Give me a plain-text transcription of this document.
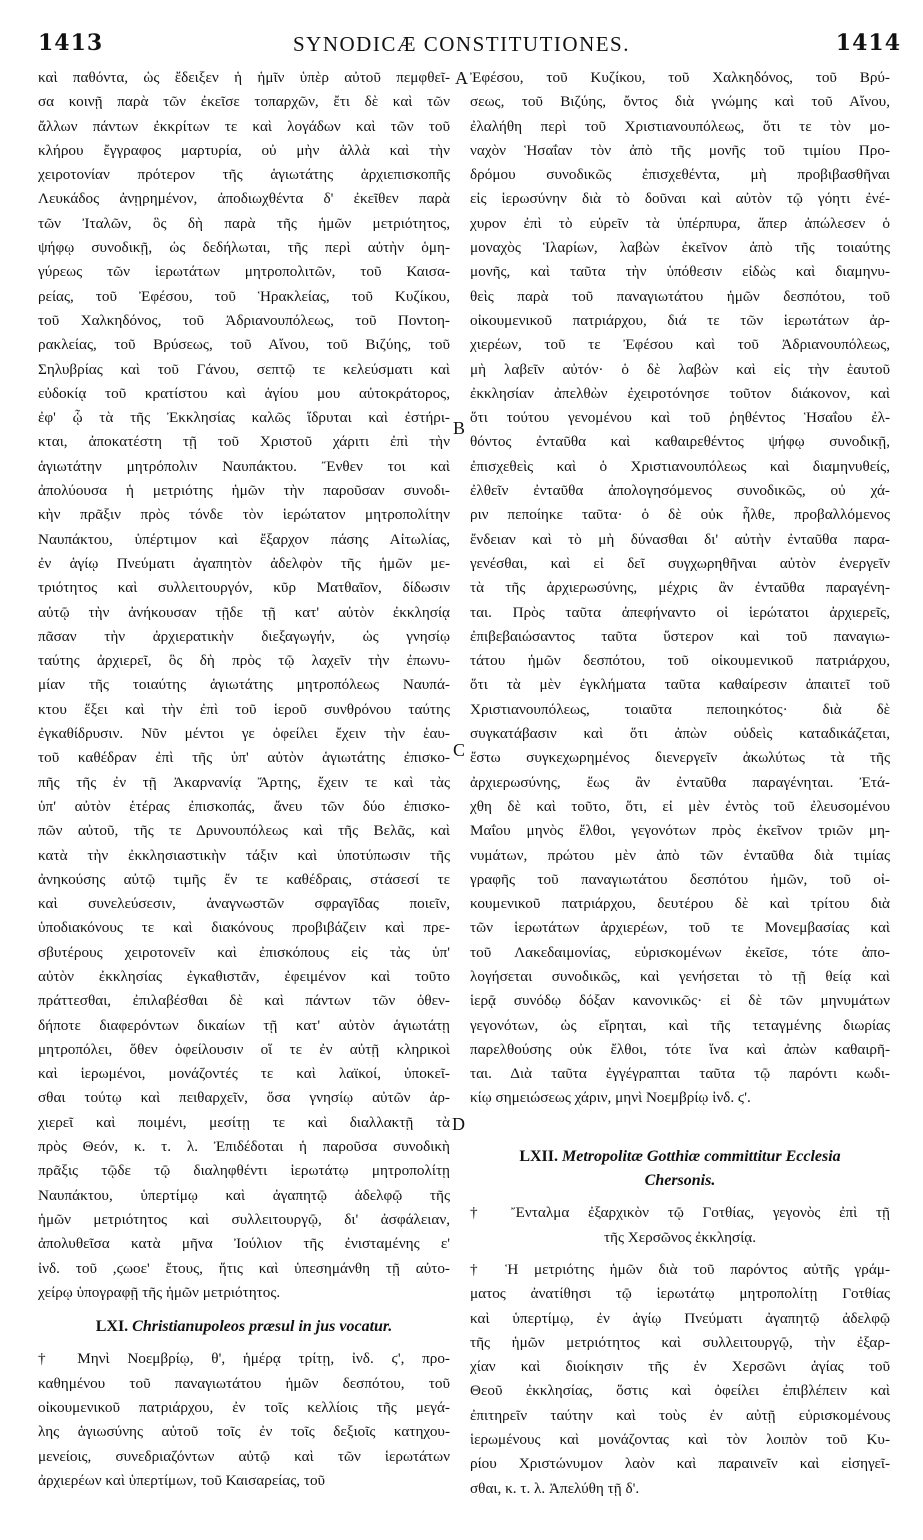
1413	SYNODICÆ CONSTITUTIONES.	1414
A
B
C
D
καὶ παθόντα, ὡς ἔδειξεν ἡ ἡμῖν ὑπὲρ αὐτοῦ πεμφθεῖ-
σα κοινῇ παρὰ τῶν ἐκεῖσε τοπαρχῶν, ἔτι δὲ καὶ τῶν
ἄλλων πάντων ἐκκρίτων τε καὶ λογάδων καὶ τῶν τοῦ
κλήρου ἔγγραφος μαρτυρία, οὐ μὴν ἀλλὰ καὶ τὴν
χειροτονίαν πρότερον τῆς ἁγιωτάτης ἀρχιεπισκοπῆς
Λευκάδος ἀνῃρημένον, ἀποδιωχθέντα δ' ἐκεῖθεν παρὰ
τῶν Ἰταλῶν, ὃς δὴ παρὰ τῆς ἡμῶν μετριότητος,
ψήφῳ συνοδικῇ, ὡς δεδήλωται, τῆς περὶ αὐτὴν ὁμη-
γύρεως τῶν ἱερωτάτων μητροπολιτῶν, τοῦ Καισα-
ρείας, τοῦ Ἐφέσου, τοῦ Ἡρακλείας, τοῦ Κυζίκου,
τοῦ Χαλκηδόνος, τοῦ Ἀδριανουπόλεως, τοῦ Ποντοη-
ρακλείας, τοῦ Βρύσεως, τοῦ Αἴνου, τοῦ Βιζύης, τοῦ
Σηλυβρίας καὶ τοῦ Γάνου, σεπτῷ τε κελεύσματι καὶ
εὐδοκίᾳ τοῦ κρατίστου καὶ ἁγίου μου αὐτοκράτορος,
ἐφ' ᾧ τὰ τῆς Ἐκκλησίας καλῶς ἵδρυται καὶ ἐστήρι-
κται, ἀποκατέστη τῇ τοῦ Χριστοῦ χάριτι ἐπὶ τὴν
ἁγιωτάτην μητρόπολιν Ναυπάκτου. Ἔνθεν τοι καὶ
ἀπολύουσα ἡ μετριότης ἡμῶν τὴν παροῦσαν συνοδι-
κὴν πρᾶξιν πρὸς τόνδε τὸν ἱερώτατον μητροπολίτην
Ναυπάκτου, ὑπέρτιμον καὶ ἔξαρχον πάσης Αἰτωλίας,
ἐν ἁγίῳ Πνεύματι ἀγαπητὸν ἀδελφὸν τῆς ἡμῶν με-
τριότητος καὶ συλλειτουργόν, κῦρ Ματθαῖον, δίδωσιν
αὐτῷ τὴν ἀνήκουσαν τῇδε τῇ κατ' αὐτὸν ἐκκλησίᾳ
πᾶσαν τὴν ἀρχιερατικὴν διεξαγωγήν, ὡς γνησίῳ
ταύτης ἀρχιερεῖ, ὃς δὴ πρὸς τῷ λαχεῖν τὴν ἐπωνυ-
μίαν τῆς τοιαύτης ἁγιωτάτης μητροπόλεως Ναυπά-
κτου ἕξει καὶ τὴν ἐπὶ τοῦ ἱεροῦ συνθρόνου ταύτης
ἐγκαθίδρυσιν. Νῦν μέντοι γε ὀφείλει ἔχειν τὴν ἑαυ-
τοῦ καθέδραν ἐπὶ τῆς ὑπ' αὐτὸν ἁγιωτάτης ἐπισκο-
πῆς τῆς ἐν τῇ Ἀκαρνανίᾳ Ἄρτης, ἔχειν τε καὶ τὰς
ὑπ' αὐτὸν ἑτέρας ἐπισκοπάς, ἄνευ τῶν δύο ἐπισκο-
πῶν αὐτοῦ, τῆς τε Δρυνουπόλεως καὶ τῆς Βελᾶς, καὶ
κατὰ τὴν ἐκκλησιαστικὴν τάξιν καὶ ὑποτύπωσιν τῆς
ἀνηκούσης αὐτῷ τιμῆς ἔν τε καθέδραις, στάσεσί τε
καὶ συνελεύσεσιν, ἀναγνωστῶν σφραγῖδας ποιεῖν,
ὑποδιακόνους τε καὶ διακόνους προβιβάζειν καὶ πρε-
σβυτέρους χειροτονεῖν καὶ ἐπισκόπους εἰς τὰς ὑπ'
αὐτὸν ἐκκλησίας ἐγκαθιστᾶν, ἐφειμένον καὶ τοῦτο
πράττεσθαι, ἐπιλαβέσθαι δὲ καὶ πάντων τῶν ὁθεν-
δήποτε διαφερόντων δικαίων τῇ κατ' αὐτὸν ἁγιωτάτῃ
μητροπόλει, ὅθεν ὀφείλουσιν οἵ τε ἐν αὐτῇ κληρικοὶ
καὶ ἱερωμένοι, μονάζοντές τε καὶ λαϊκοί, ὑποκεῖ-
σθαι τούτῳ καὶ πειθαρχεῖν, ὅσα γνησίῳ αὐτῶν ἀρ-
χιερεῖ καὶ ποιμένι, μεσίτῃ τε καὶ διαλλακτῇ τὰ
πρὸς Θεόν, κ. τ. λ. Ἐπιδέδοται ἡ παροῦσα συνοδικὴ
πρᾶξις τῷδε τῷ διαληφθέντι ἱερωτάτῳ μητροπολίτῃ
Ναυπάκτου, ὑπερτίμῳ καὶ ἀγαπητῷ ἀδελφῷ τῆς
ἡμῶν μετριότητος καὶ συλλειτουργῷ, δι' ἀσφάλειαν,
ἀπολυθεῖσα κατὰ μῆνα Ἰούλιον τῆς ἐνισταμένης ε'
ἰνδ. τοῦ ,ϛωοε' ἔτους, ἥτις καὶ ὑπεσημάνθη τῇ αὐτο-
χείρῳ ὑπογραφῇ τῆς ἡμῶν μετριότητος.
LXI. Christianupoleos præsul in jus vocatur.
† Μηνὶ Νοεμβρίῳ, θ', ἡμέρᾳ τρίτῃ, ἰνδ. ϛ', προ-
καθημένου τοῦ παναγιωτάτου ἡμῶν δεσπότου, τοῦ
οἰκουμενικοῦ πατριάρχου, ἐν τοῖς κελλίοις τῆς μεγά-
λης ἁγιωσύνης αὐτοῦ τοῖς ἐν τοῖς δεξιοῖς κατηχου-
μενείοις, συνεδριαζόντων αὐτῷ καὶ τῶν ἱερωτάτων
ἀρχιερέων καὶ ὑπερτίμων, τοῦ Καισαρείας, τοῦ
Ἐφέσου, τοῦ Κυζίκου, τοῦ Χαλκηδόνος, τοῦ Βρύ-
σεως, τοῦ Βιζύης, ὄντος διὰ γνώμης καὶ τοῦ Αἴνου,
ἐλαλήθη περὶ τοῦ Χριστιανουπόλεως, ὅτι τε τὸν μο-
ναχὸν Ἡσαΐαν τὸν ἀπὸ τῆς μονῆς τοῦ τιμίου Προ-
δρόμου συνοδικῶς ἐπισχεθέντα, μὴ προβιβασθῆναι
εἰς ἱερωσύνην διὰ τὸ δοῦναι καὶ αὐτὸν τῷ γόητι ἐνέ-
χυρον ἐπὶ τὸ εὑρεῖν τὰ ὑπέρπυρα, ἅπερ ἀπώλεσεν ὁ
μοναχὸς Ἱλαρίων, λαβὼν ἐκεῖνον ἀπὸ τῆς τοιαύτης
μονῆς, καὶ ταῦτα τὴν ὑπόθεσιν εἰδὼς καὶ διαμηνυ-
θεὶς παρὰ τοῦ παναγιωτάτου ἡμῶν δεσπότου, τοῦ
οἰκουμενικοῦ πατριάρχου, διά τε τῶν ἱερωτάτων ἀρ-
χιερέων, τοῦ τε Ἐφέσου καὶ τοῦ Ἀδριανουπόλεως,
μὴ λαβεῖν αὐτόν· ὁ δὲ λαβὼν καὶ εἰς τὴν ἑαυτοῦ
ἐκκλησίαν ἀπελθὼν ἐχειροτόνησε τοῦτον διάκονον, καὶ
ὅτι τούτου γενομένου καὶ τοῦ ῥηθέντος Ἡσαΐου ἐλ-
θόντος ἐνταῦθα καὶ καθαιρεθέντος ψήφῳ συνοδικῇ,
ἐπισχεθεὶς καὶ ὁ Χριστιανουπόλεως καὶ διαμηνυθείς,
ἐλθεῖν ἐνταῦθα ἀπολογησόμενος συνοδικῶς, οὐ χά-
ριν πεποίηκε ταῦτα· ὁ δὲ οὐκ ἦλθε, προβαλλόμενος
ἔνδειαν καὶ τὸ μὴ δύνασθαι δι' αὐτὴν ἐνταῦθα παρα-
γενέσθαι, καὶ εἰ δεῖ συγχωρηθῆναι αὐτὸν ἐνεργεῖν
τὰ τῆς ἀρχιερωσύνης, μέχρις ἂν ἐνταῦθα παραγένη-
ται. Πρὸς ταῦτα ἀπεφήναντο οἱ ἱερώτατοι ἀρχιερεῖς,
ἐπιβεβαιώσαντος ταῦτα ὕστερον καὶ τοῦ παναγιω-
τάτου ἡμῶν δεσπότου, τοῦ οἰκουμενικοῦ πατριάρχου,
ὅτι τὰ μὲν ἐγκλήματα ταῦτα καθαίρεσιν ἀπαιτεῖ τοῦ
Χριστιανουπόλεως, τοιαῦτα πεποιηκότος· διὰ δὲ
συγκατάβασιν καὶ ὅτι ἀπὼν οὐδεὶς καταδικάζεται,
ἔστω συγκεχωρημένος διενεργεῖν ἀκωλύτως τὰ τῆς
ἀρχιερωσύνης, ἕως ἂν ἐνταῦθα παραγένηται. Ἐτά-
χθη δὲ καὶ τοῦτο, ὅτι, εἰ μὲν ἐντὸς τοῦ ἐλευσομένου
Μαΐου μηνὸς ἔλθοι, γεγονότων πρὸς ἐκεῖνον τριῶν μη-
νυμάτων, πρώτου μὲν ἀπὸ τῶν ἐνταῦθα διὰ τιμίας
γραφῆς τοῦ παναγιωτάτου δεσπότου ἡμῶν, τοῦ οἰ-
κουμενικοῦ πατριάρχου, δευτέρου δὲ καὶ τρίτου διὰ
τῶν ἱερωτάτων ἀρχιερέων, τοῦ τε Μονεμβασίας καὶ
τοῦ Λακεδαιμονίας, εὑρισκομένων ἐκεῖσε, τότε ἀπο-
λογήσεται συνοδικῶς, καὶ γενήσεται τὸ τῇ θείᾳ καὶ
ἱερᾷ συνόδῳ δόξαν κανονικῶς· εἰ δὲ τῶν μηνυμάτων
γεγονότων, ὡς εἴρηται, καὶ τῆς τεταγμένης διωρίας
παρελθούσης οὐκ ἔλθοι, τότε ἵνα καὶ ἀπὼν καθαιρῆ-
ται. Διὰ ταῦτα ἐγγέγραπται ταῦτα τῷ παρόντι κωδι-
κίῳ σημειώσεως χάριν, μηνὶ Νοεμβρίῳ ἰνδ. ϛ'.
LXII. Metropolitæ Gotthiæ committitur Ecclesia
Chersonis.
† Ἔνταλμα ἐξαρχικὸν τῷ Γοτθίας, γεγονὸς ἐπὶ τῇ
τῆς Χερσῶνος ἐκκλησίᾳ.
† Ἡ μετριότης ἡμῶν διὰ τοῦ παρόντος αὐτῆς γράμ-
ματος ἀνατίθησι τῷ ἱερωτάτῳ μητροπολίτῃ Γοτθίας
καὶ ὑπερτίμῳ, ἐν ἁγίῳ Πνεύματι ἀγαπητῷ ἀδελφῷ
τῆς ἡμῶν μετριότητος καὶ συλλειτουργῷ, τὴν ἐξαρ-
χίαν καὶ διοίκησιν τῆς ἐν Χερσῶνι ἁγίας τοῦ
Θεοῦ ἐκκλησίας, ὅστις καὶ ὀφείλει ἐπιβλέπειν καὶ
ἐπιτηρεῖν ταύτην καὶ τοὺς ἐν αὐτῇ εὑρισκομένους
ἱερωμένους καὶ μονάζοντας καὶ τὸν λοιπὸν τοῦ Κυ-
ρίου Χριστώνυμον λαὸν καὶ παραινεῖν καὶ εἰσηγεῖ-
σθαι, κ. τ. λ. Ἀπελύθη τῇ δ'.
